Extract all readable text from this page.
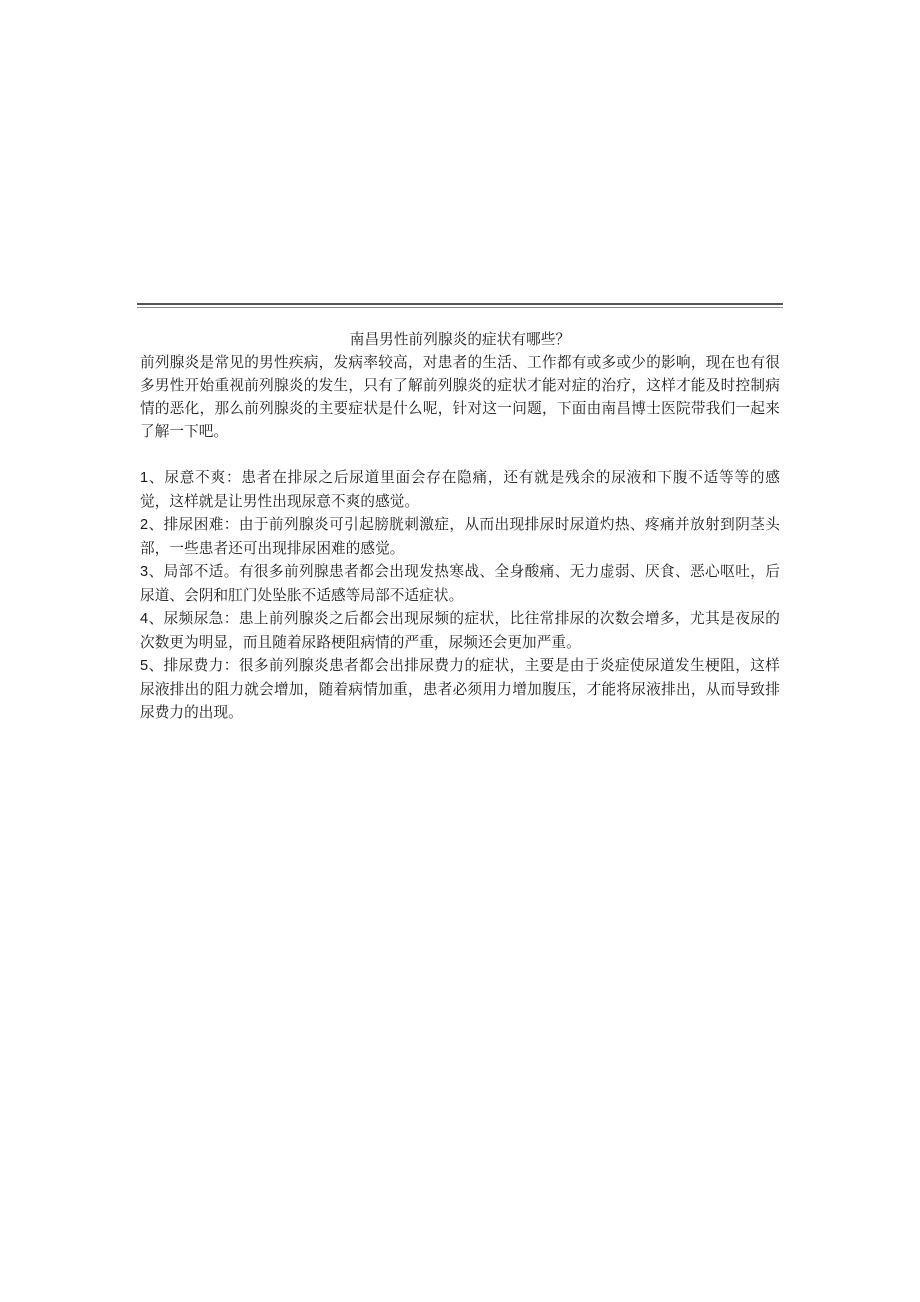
南昌男性前列腺炎的症状有哪些？

前列腺炎是常见的男性疾病，发病率较高，对患者的生活、工作都有或多或少的影响，现在也有很多男性开始重视前列腺炎的发生，只有了解前列腺炎的症状才能对症的治疗，这样才能及时控制病情的恶化，那么前列腺炎的主要症状是什么呢，针对这一问题，下面由南昌博士医院带我们一起来了解一下吧。

1、尿意不爽：患者在排尿之后尿道里面会存在隐痛，还有就是残余的尿液和下腹不适等等的感觉，这样就是让男性出现尿意不爽的感觉。

2、排尿困难：由于前列腺炎可引起膀胱刺激症，从而出现排尿时尿道灼热、疼痛并放射到阴茎头部，一些患者还可出现排尿困难的感觉。

3、局部不适。有很多前列腺患者都会出现发热寒战、全身酸痛、无力虚弱、厌食、恶心呕吐，后尿道、会阴和肛门处坠胀不适感等局部不适症状。

4、尿频尿急：患上前列腺炎之后都会出现尿频的症状，比往常排尿的次数会增多，尤其是夜尿的次数更为明显，而且随着尿路梗阻病情的严重，尿频还会更加严重。

5、排尿费力：很多前列腺炎患者都会出排尿费力的症状，主要是由于炎症使尿道发生梗阻，这样尿液排出的阻力就会增加，随着病情加重，患者必须用力增加腹压，才能将尿液排出，从而导致排尿费力的出现。
